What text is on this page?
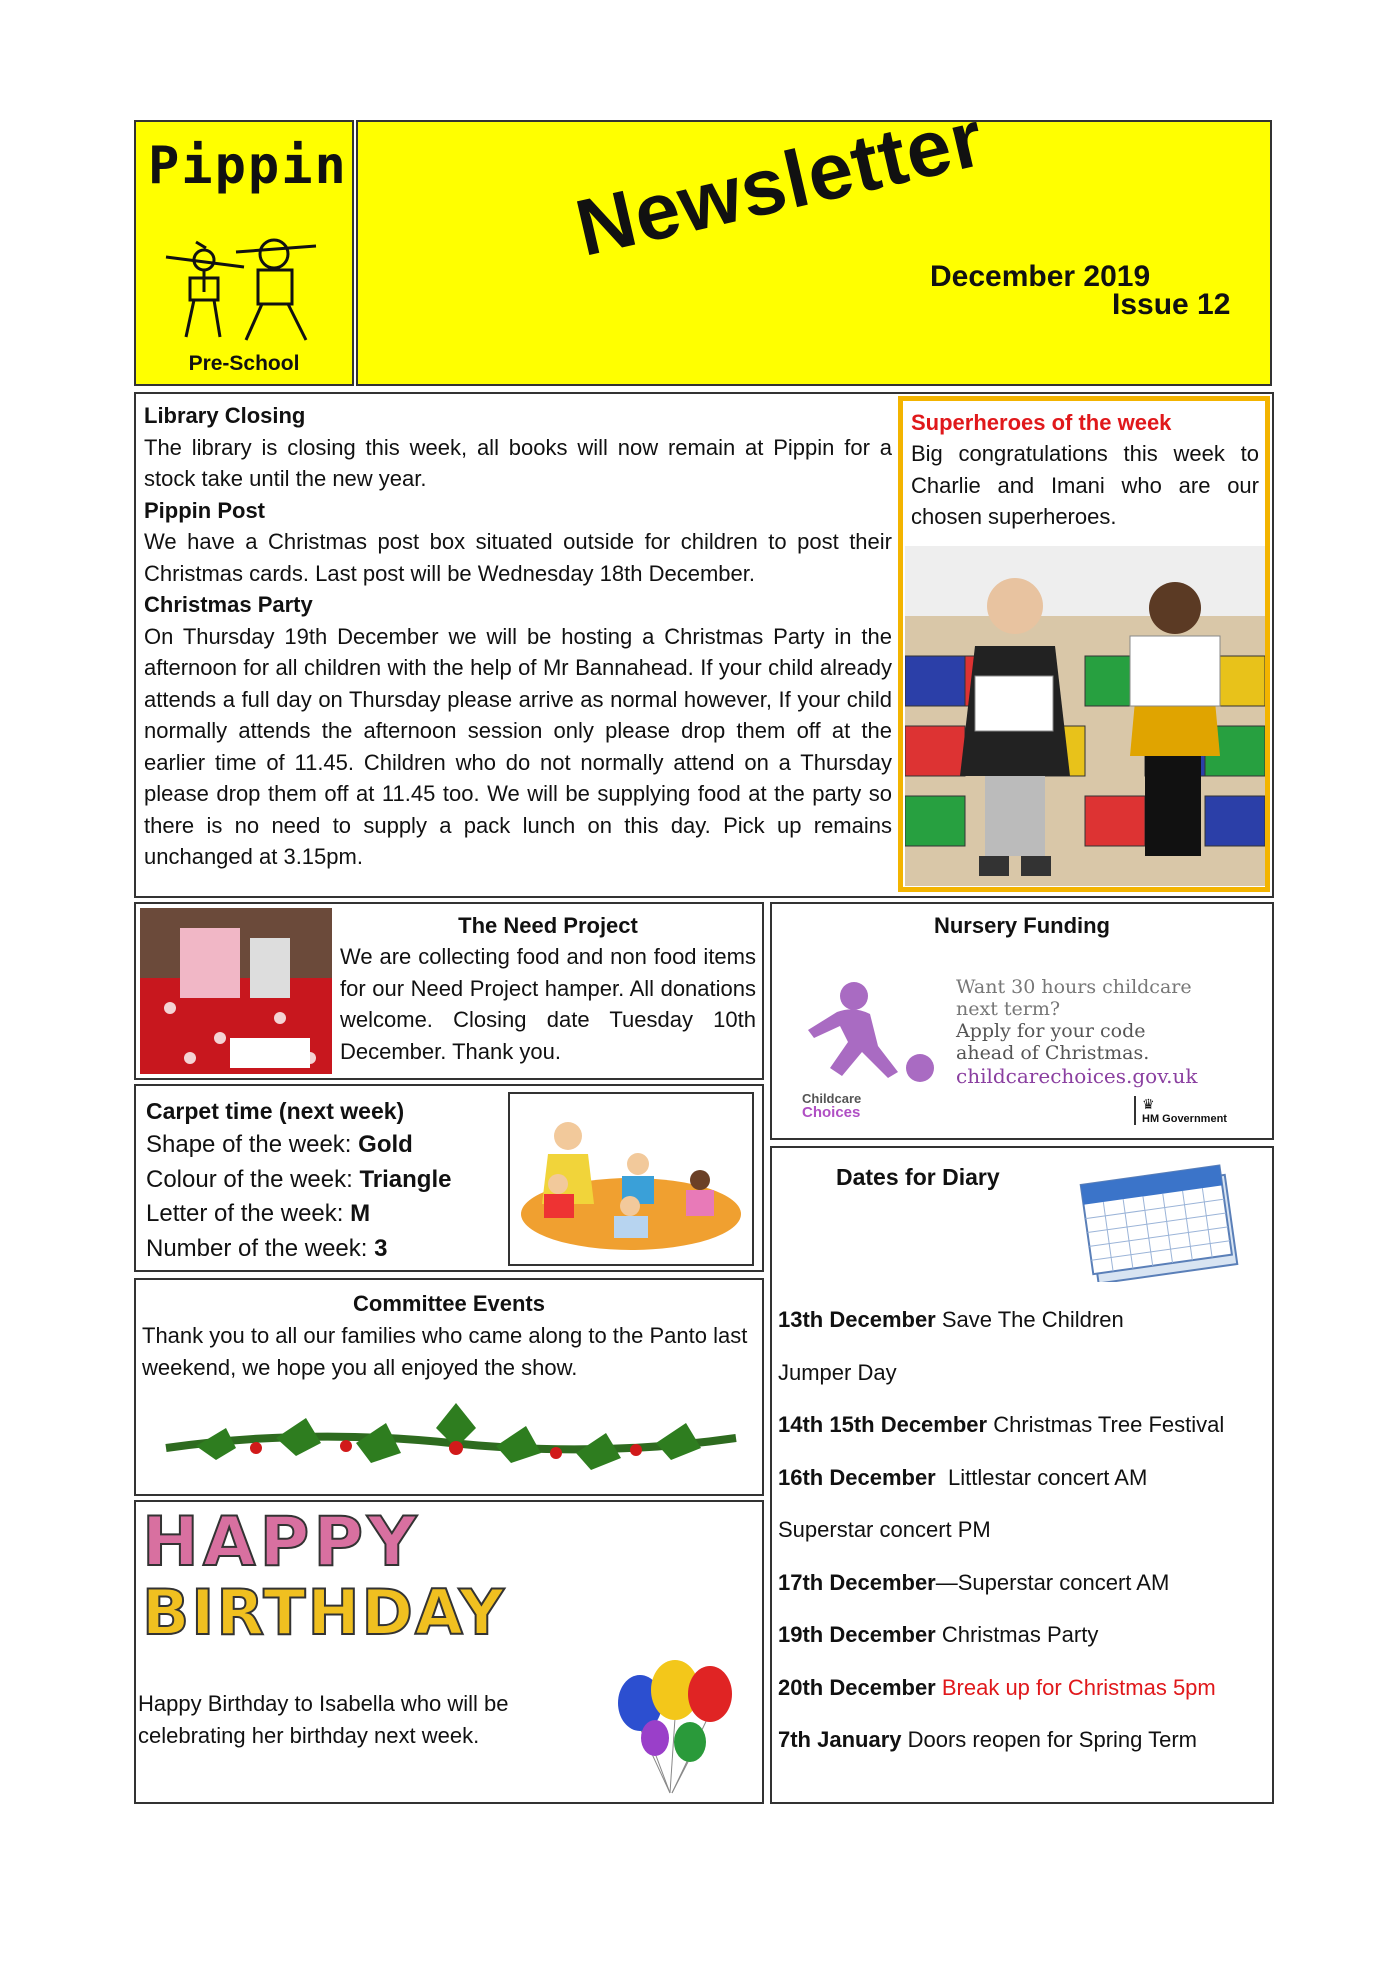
Pippin
Pre-School
Newsletter
December 2019
Issue 12
Library Closing
The library is closing this week, all books will now remain at Pippin for a stock take until the new year.
Pippin Post
We have a Christmas post box situated outside for children to post their Christmas cards. Last post will be Wednesday 18th December.
Christmas Party
On Thursday 19th December we will be hosting a Christmas Party in the afternoon for all children with the help of Mr Bannahead. If your child already attends a full day on Thursday please arrive as normal however, If your child normally attends the afternoon session only please drop them off at the earlier time of 11.45. Children who do not normally attend on a Thursday please drop them off at 11.45 too. We will be supplying food at the party so there is no need to supply a pack lunch on this day. Pick up remains unchanged at 3.15pm.
Superheroes of the week
Big congratulations this week to Charlie and Imani who are our chosen superheroes.
The Need Project
We are collecting food and non food items for our Need Project hamper. All donations welcome. Closing date Tuesday 10th December. Thank you.
Nursery Funding
Childcare
Choices
Want 30 hours childcare
next term?
Apply for your code
ahead of Christmas.
childcarechoices.gov.uk
♛
HM Government
Carpet time (next week)
Shape of the week: Gold
Colour of the week: Triangle
Letter of the week: M
Number of the week: 3
Committee Events
Thank you to all our families who came along to the Panto last weekend, we hope you all enjoyed the show.
HAPPY
BIRTHDAY
Happy Birthday to Isabella who will be celebrating her birthday next week.
Dates for Diary
13th December Save The Children
Jumper Day
14th 15th December Christmas Tree Festival
16th December  Littlestar concert AM
Superstar concert PM
17th December—Superstar concert AM
19th December Christmas Party
20th December Break up for Christmas 5pm
7th January Doors reopen for Spring Term
